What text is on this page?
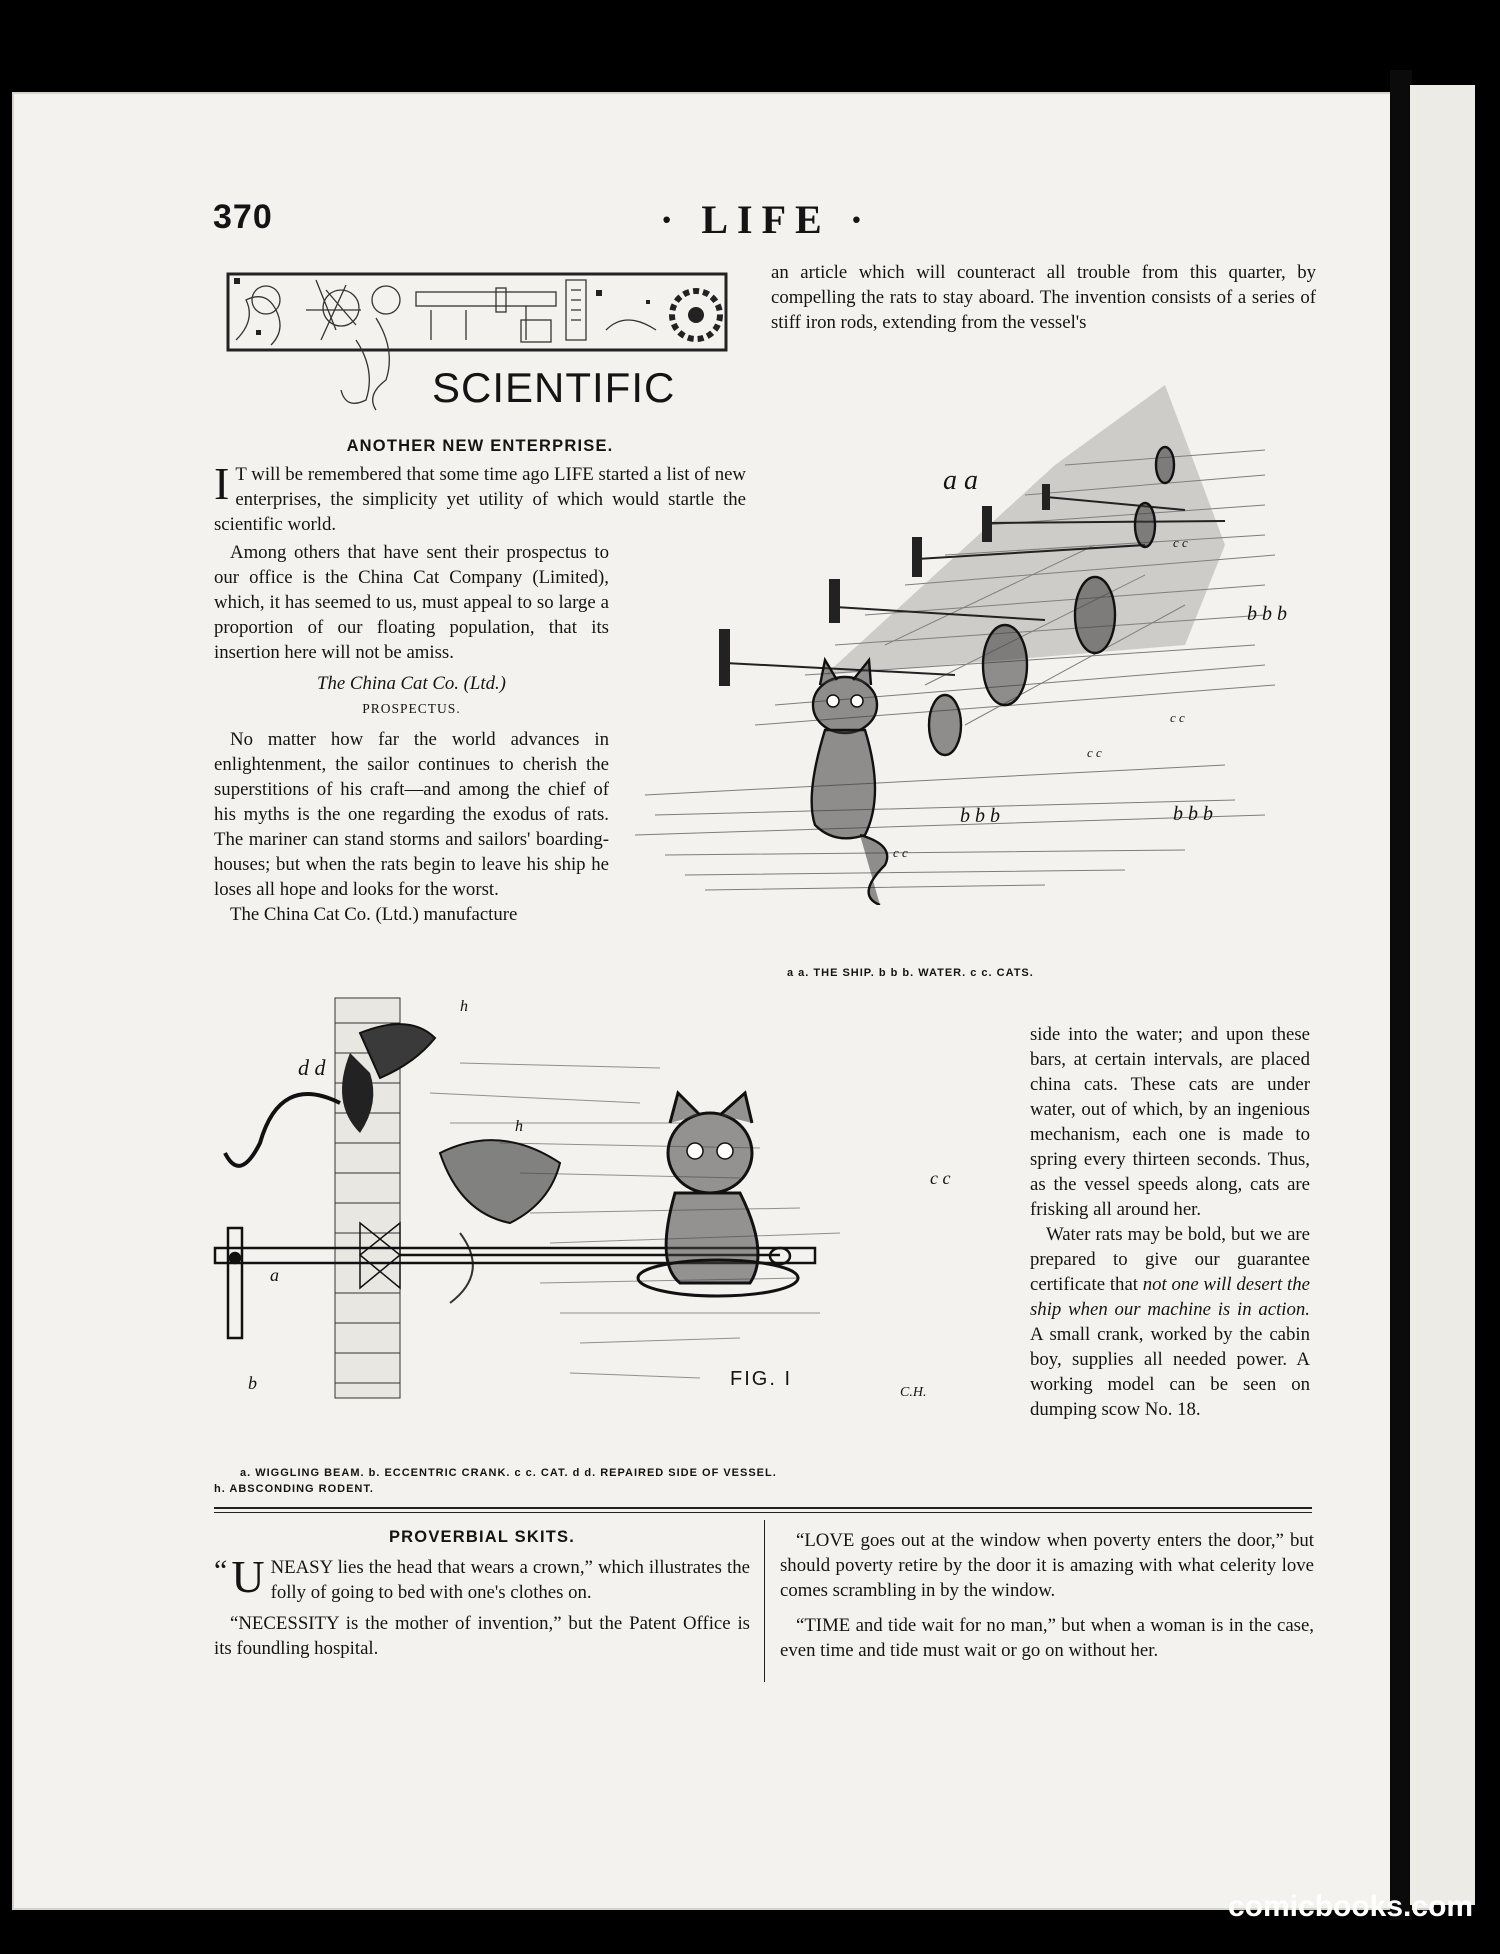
370	· LIFE ·
SCIENTIFIC
ANOTHER NEW ENTERPRISE.

I T will be remembered that some time ago LIFE started a list of new enterprises, the simplicity yet utility of which would startle the scientific world.

Among others that have sent their prospectus to our office is the China Cat Company (Limited), which, it has seemed to us, must appeal to so large a proportion of our floating population, that its insertion here will not be amiss.

The China Cat Co. (Ltd.)

PROSPECTUS.

No matter how far the world advances in enlightenment, the sailor continues to cherish the superstitions of his craft—and among the chief of his myths is the one regarding the exodus of rats. The mariner can stand storms and sailors' boarding-houses; but when the rats begin to leave his ship he loses all hope and looks for the worst.

The China Cat Co. (Ltd.) manufacture

an article which will counteract all trouble from this quarter, by compelling the rats to stay aboard. The invention consists of a series of stiff iron rods, extending from the vessel's

a a
b b b
b b b	b b b
c c
c c
c c
c c
a a. THE SHIP. b b b. WATER. c c. CATS.
d d
h
h
a
b
c c
FIG. I
C.H.
a. WIGGLING BEAM. b. ECCENTRIC CRANK. c c. CAT. d d. REPAIRED SIDE OF VESSEL.
h. ABSCONDING RODENT.

side into the water; and upon these bars, at certain intervals, are placed china cats. These cats are under water, out of which, by an ingenious mechanism, each one is made to spring every thirteen seconds. Thus, as the vessel speeds along, cats are frisking all around her.

Water rats may be bold, but we are prepared to give our guarantee certificate that not one will desert the ship when our machine is in action. A small crank, worked by the cabin boy, supplies all needed power. A working model can be seen on dumping scow No. 18.

PROVERBIAL SKITS.

“ U NEASY lies the head that wears a crown,” which illustrates the folly of going to bed with one's clothes on.

“NECESSITY is the mother of invention,” but the Patent Office is its foundling hospital.

“LOVE goes out at the window when poverty enters the door,” but should poverty retire by the door it is amazing with what celerity love comes scrambling in by the window.

“TIME and tide wait for no man,” but when a woman is in the case, even time and tide must wait or go on without her.

comicbooks.com
